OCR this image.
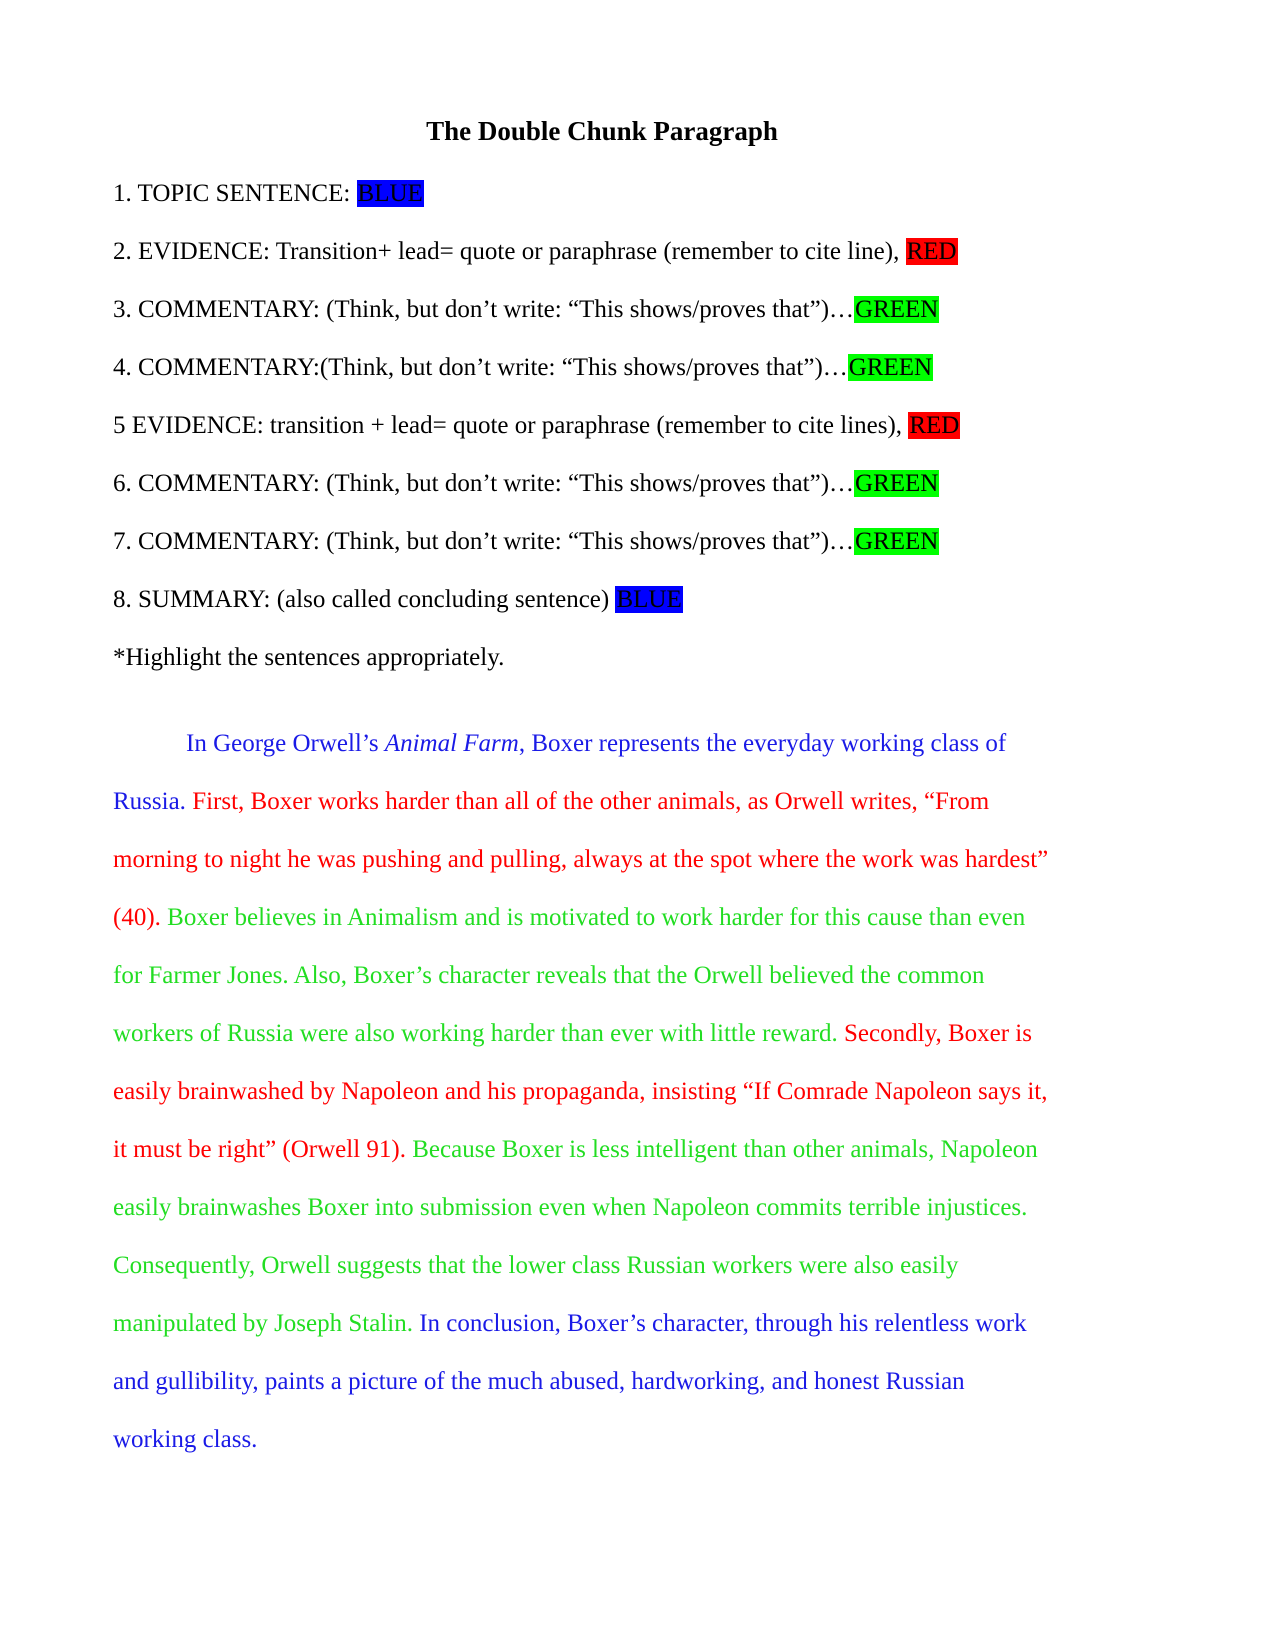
The Double Chunk Paragraph

1. TOPIC SENTENCE: BLUE

2. EVIDENCE: Transition+ lead= quote or paraphrase (remember to cite line), RED

3. COMMENTARY: (Think, but don’t write: “This shows/proves that”)…GREEN

4. COMMENTARY:(Think, but don’t write: “This shows/proves that”)…GREEN

5 EVIDENCE: transition + lead= quote or paraphrase (remember to cite lines), RED

6. COMMENTARY: (Think, but don’t write: “This shows/proves that”)…GREEN

7. COMMENTARY: (Think, but don’t write: “This shows/proves that”)…GREEN

8. SUMMARY: (also called concluding sentence) BLUE

*Highlight the sentences appropriately.

In George Orwell’s Animal Farm, Boxer represents the everyday working class of

Russia. First, Boxer works harder than all of the other animals, as Orwell writes, “From

morning to night he was pushing and pulling, always at the spot where the work was hardest”

(40). Boxer believes in Animalism and is motivated to work harder for this cause than even

for Farmer Jones. Also, Boxer’s character reveals that the Orwell believed the common

workers of Russia were also working harder than ever with little reward. Secondly, Boxer is

easily brainwashed by Napoleon and his propaganda, insisting “If Comrade Napoleon says it,

it must be right” (Orwell 91). Because Boxer is less intelligent than other animals, Napoleon

easily brainwashes Boxer into submission even when Napoleon commits terrible injustices.

Consequently, Orwell suggests that the lower class Russian workers were also easily

manipulated by Joseph Stalin. In conclusion, Boxer’s character, through his relentless work

and gullibility, paints a picture of the much abused, hardworking, and honest Russian

working class.
